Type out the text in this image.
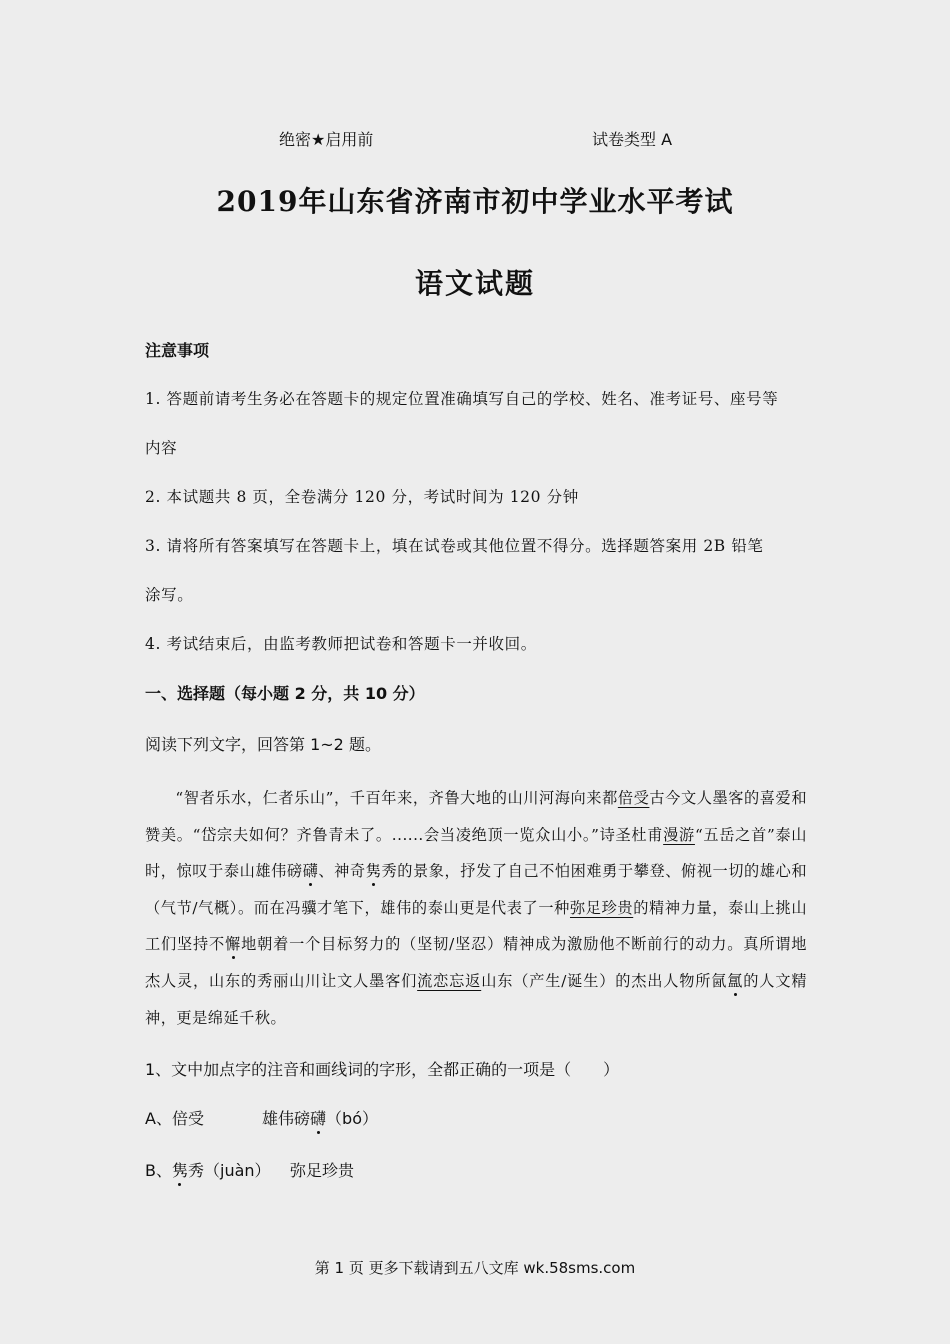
绝密★启用前	试卷类型 A
2019年山东省济南市初中学业水平考试
语文试题
注意事项
1. 答题前请考生务必在答题卡的规定位置准确填写自己的学校、姓名、准考证号、座号等
内容
2. 本试题共 8 页，全卷满分 120 分，考试时间为 120 分钟
3. 请将所有答案填写在答题卡上，填在试卷或其他位置不得分。选择题答案用 2B 铅笔
涂写。
4. 考试结束后，由监考教师把试卷和答题卡一并收回。
一、选择题（每小题 2 分，共 10 分）
阅读下列文字，回答第 1~2 题。

“智者乐水，仁者乐山”，千百年来，齐鲁大地的山川河海向来都倍受古今文人墨客的喜爱和赞美。“岱宗夫如何？齐鲁青未了。......会当凌绝顶一览众山小。”诗圣杜甫漫游“五岳之首”泰山时，惊叹于泰山雄伟磅礴、神奇隽秀的景象，抒发了自己不怕困难勇于攀登、俯视一切的雄心和（气节/气概）。而在冯骥才笔下，雄伟的泰山更是代表了一种弥足珍贵的精神力量，泰山上挑山工们坚持不懈地朝着一个目标努力的（坚韧/坚忍）精神成为激励他不断前行的动力。真所谓地杰人灵，山东的秀丽山川让文人墨客们流恋忘返山东（产生/诞生）的杰出人物所氤氲的人文精神，更是绵延千秋。

1、文中加点字的注音和画线词的字形，全都正确的一项是（　　）
A、倍受	雄伟磅礴（bó）
B、隽秀（juàn） 弥足珍贵
第 1 页 更多下载请到五八文库 wk.58sms.com
